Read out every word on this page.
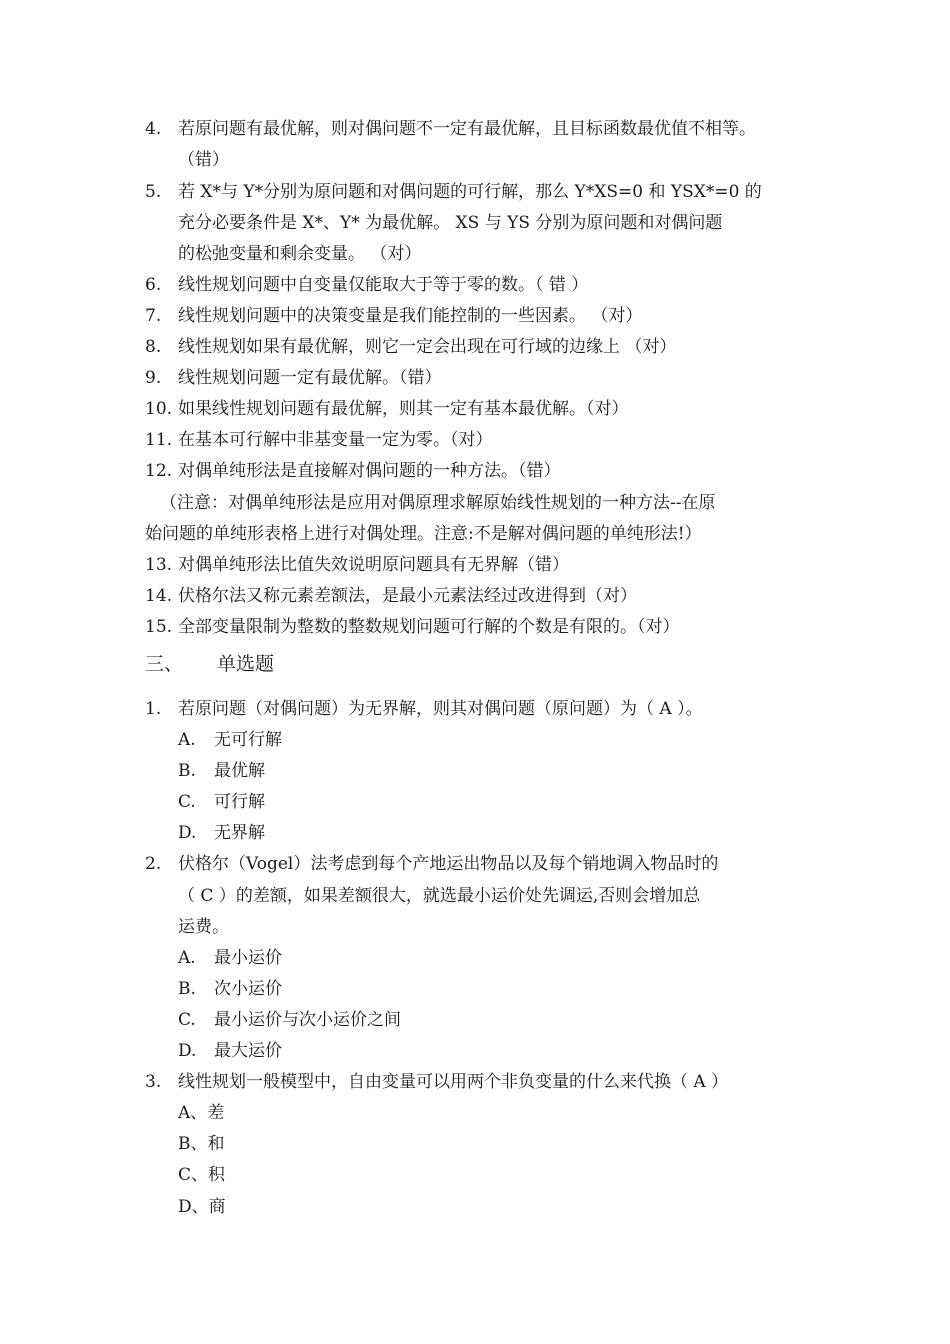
4. 若原问题有最优解，则对偶问题不一定有最优解，且目标函数最优值不相等。
（错）
5. 若 X*与 Y*分别为原问题和对偶问题的可行解，那么 Y*XS=0 和 YSX*=0 的
充分必要条件是 X*、Y* 为最优解。 XS 与 YS 分别为原问题和对偶问题
的松弛变量和剩余变量。 （对）
6. 线性规划问题中自变量仅能取大于等于零的数。（ 错 ）
7. 线性规划问题中的决策变量是我们能控制的一些因素。 （对）
8. 线性规划如果有最优解，则它一定会出现在可行域的边缘上 （对）
9. 线性规划问题一定有最优解。（错）
10. 如果线性规划问题有最优解，则其一定有基本最优解。（对）
11. 在基本可行解中非基变量一定为零。（对）
12. 对偶单纯形法是直接解对偶问题的一种方法。（错）
（注意：对偶单纯形法是应用对偶原理求解原始线性规划的一种方法--在原
始问题的单纯形表格上进行对偶处理。注意:不是解对偶问题的单纯形法!）
13. 对偶单纯形法比值失效说明原问题具有无界解（错）
14. 伏格尔法又称元素差额法，是最小元素法经过改进得到（对）
15. 全部变量限制为整数的整数规划问题可行解的个数是有限的。（对）
三、 单选题
1. 若原问题（对偶问题）为无界解，则其对偶问题（原问题）为（ A ）。
A. 无可行解
B. 最优解
C. 可行解
D. 无界解
2. 伏格尔（Vogel）法考虑到每个产地运出物品以及每个销地调入物品时的
（ C ）的差额，如果差额很大，就选最小运价处先调运,否则会增加总
运费。
A. 最小运价
B. 次小运价
C. 最小运价与次小运价之间
D. 最大运价
3. 线性规划一般模型中，自由变量可以用两个非负变量的什么来代换（ A ）
A、差
B、和
C、积
D、商
